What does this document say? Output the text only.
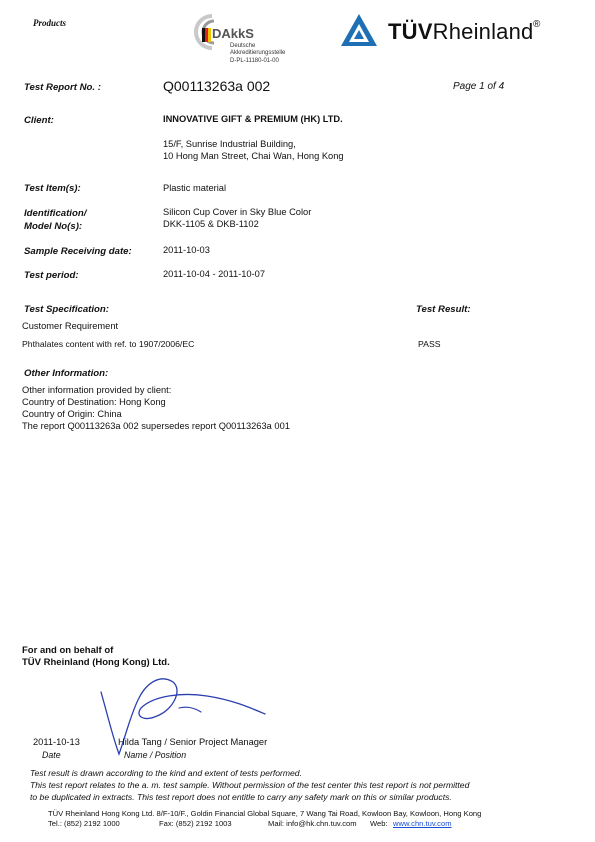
Products
DAkkS
Deutsche
Akkreditierungsstelle
D-PL-11180-01-00
TÜVRheinland ®
Test Report No. :	Q00113263a 002	Page 1 of 4
Client:	INNOVATIVE GIFT & PREMIUM (HK) LTD.
15/F, Sunrise Industrial Building,
10 Hong Man Street, Chai Wan, Hong Kong
Test Item(s):	Plastic material
Identification/
Model No(s):
Silicon Cup Cover in Sky Blue Color
DKK-1105 & DKB-1102
Sample Receiving date:	2011-10-03
Test period:	2011-10-04 - 2011-10-07
Test Specification:	Test Result:
Customer Requirement
Phthalates content with ref. to 1907/2006/EC	PASS
Other Information:
Other information provided by client:
Country of Destination: Hong Kong
Country of Origin: China
The report Q00113263a 002 supersedes report Q00113263a 001
For and on behalf of
TÜV Rheinland (Hong Kong) Ltd.
2011-10-13	Hilda Tang / Senior Project Manager
Date	Name / Position
Test result is drawn according to the kind and extent of tests performed.
This test report relates to the a. m. test sample. Without permission of the test center this test report is not permitted
to be duplicated in extracts. This test report does not entitle to carry any safety mark on this or similar products.
TÜV Rheinland Hong Kong Ltd. 8/F-10/F., Goldin Financial Global Square, 7 Wang Tai Road, Kowloon Bay, Kowloon, Hong Kong
Tel.: (852) 2192 1000	Fax: (852) 2192 1003	Mail: info@hk.chn.tuv.com Web: www.chn.tuv.com
